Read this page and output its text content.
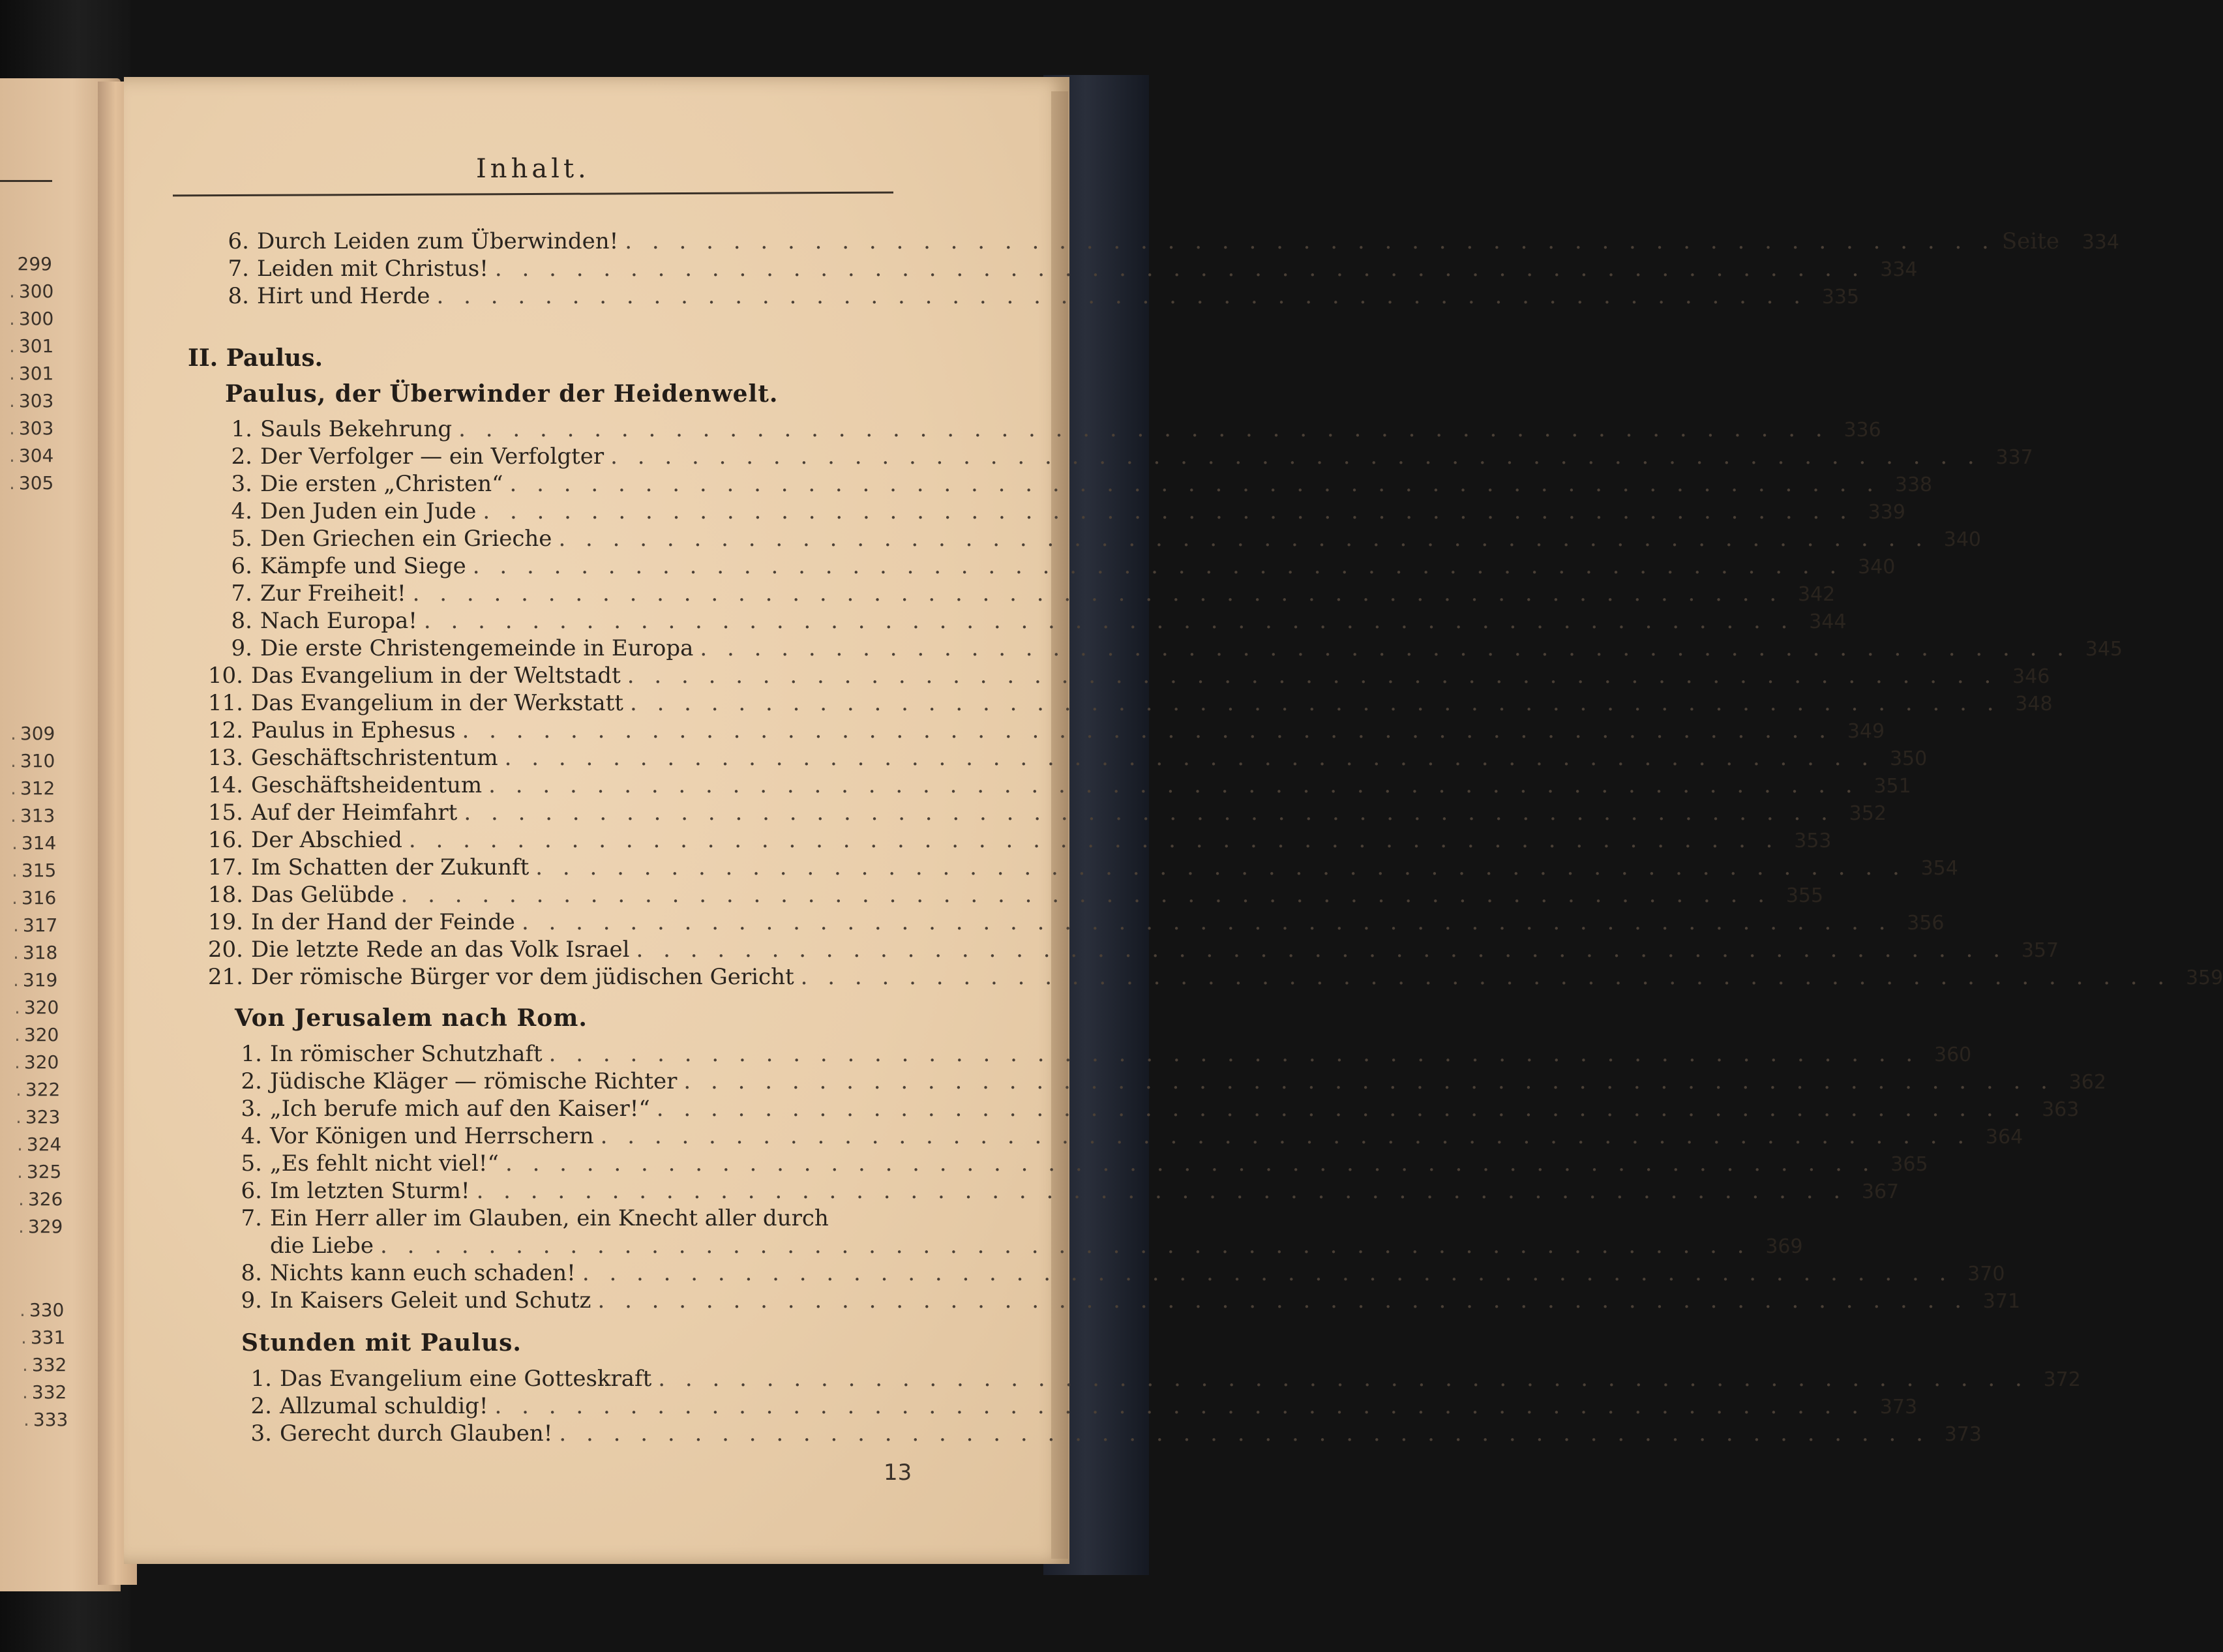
299
. 300
. 300
. 301
. 301
. 303
. 303
. 304
. 305
. 309
. 310
. 312
. 313
. 314
. 315
. 316
. 317
. 318
. 319
. 320
. 320
. 320
. 322
. 323
. 324
. 325
. 326
. 329
. 330
. 331
. 332
. 332
. 333
Inhalt.
6. Durch Leiden zum Überwinden! . . . . . . . . . . . . . . . . . . . . . . . . . . . . . . . . . . . . . . . . . . . . . . . . . . . Seite	334
7. Leiden mit Christus! . . . . . . . . . . . . . . . . . . . . . . . . . . . . . . . . . . . . . . . . . . . . . . . . . . . 334
8. Hirt und Herde . . . . . . . . . . . . . . . . . . . . . . . . . . . . . . . . . . . . . . . . . . . . . . . . . . . 335
II. Paulus.
Paulus, der Überwinder der Heidenwelt.
1. Sauls Bekehrung . . . . . . . . . . . . . . . . . . . . . . . . . . . . . . . . . . . . . . . . . . . . . . . . . . . 336
2. Der Verfolger — ein Verfolgter . . . . . . . . . . . . . . . . . . . . . . . . . . . . . . . . . . . . . . . . . . . . . . . . . . . 337
3. Die ersten „Christen“ . . . . . . . . . . . . . . . . . . . . . . . . . . . . . . . . . . . . . . . . . . . . . . . . . . . 338
4. Den Juden ein Jude . . . . . . . . . . . . . . . . . . . . . . . . . . . . . . . . . . . . . . . . . . . . . . . . . . . 339
5. Den Griechen ein Grieche . . . . . . . . . . . . . . . . . . . . . . . . . . . . . . . . . . . . . . . . . . . . . . . . . . . 340
6. Kämpfe und Siege . . . . . . . . . . . . . . . . . . . . . . . . . . . . . . . . . . . . . . . . . . . . . . . . . . . 340
7. Zur Freiheit! . . . . . . . . . . . . . . . . . . . . . . . . . . . . . . . . . . . . . . . . . . . . . . . . . . . 342
8. Nach Europa! . . . . . . . . . . . . . . . . . . . . . . . . . . . . . . . . . . . . . . . . . . . . . . . . . . . 344
9. Die erste Christengemeinde in Europa . . . . . . . . . . . . . . . . . . . . . . . . . . . . . . . . . . . . . . . . . . . . . . . . . . . 345
10. Das Evangelium in der Weltstadt . . . . . . . . . . . . . . . . . . . . . . . . . . . . . . . . . . . . . . . . . . . . . . . . . . . 346
11. Das Evangelium in der Werkstatt . . . . . . . . . . . . . . . . . . . . . . . . . . . . . . . . . . . . . . . . . . . . . . . . . . . 348
12. Paulus in Ephesus . . . . . . . . . . . . . . . . . . . . . . . . . . . . . . . . . . . . . . . . . . . . . . . . . . . 349
13. Geschäftschristentum . . . . . . . . . . . . . . . . . . . . . . . . . . . . . . . . . . . . . . . . . . . . . . . . . . . 350
14. Geschäftsheidentum . . . . . . . . . . . . . . . . . . . . . . . . . . . . . . . . . . . . . . . . . . . . . . . . . . . 351
15. Auf der Heimfahrt . . . . . . . . . . . . . . . . . . . . . . . . . . . . . . . . . . . . . . . . . . . . . . . . . . . 352
16. Der Abschied . . . . . . . . . . . . . . . . . . . . . . . . . . . . . . . . . . . . . . . . . . . . . . . . . . . 353
17. Im Schatten der Zukunft . . . . . . . . . . . . . . . . . . . . . . . . . . . . . . . . . . . . . . . . . . . . . . . . . . . 354
18. Das Gelübde . . . . . . . . . . . . . . . . . . . . . . . . . . . . . . . . . . . . . . . . . . . . . . . . . . . 355
19. In der Hand der Feinde . . . . . . . . . . . . . . . . . . . . . . . . . . . . . . . . . . . . . . . . . . . . . . . . . . . 356
20. Die letzte Rede an das Volk Israel . . . . . . . . . . . . . . . . . . . . . . . . . . . . . . . . . . . . . . . . . . . . . . . . . . . 357
21. Der römische Bürger vor dem jüdischen Gericht . . . . . . . . . . . . . . . . . . . . . . . . . . . . . . . . . . . . . . . . . . . . . . . . . . . 359
Von Jerusalem nach Rom.
1. In römischer Schutzhaft . . . . . . . . . . . . . . . . . . . . . . . . . . . . . . . . . . . . . . . . . . . . . . . . . . . 360
2. Jüdische Kläger — römische Richter . . . . . . . . . . . . . . . . . . . . . . . . . . . . . . . . . . . . . . . . . . . . . . . . . . . 362
3. „Ich berufe mich auf den Kaiser!“ . . . . . . . . . . . . . . . . . . . . . . . . . . . . . . . . . . . . . . . . . . . . . . . . . . . 363
4. Vor Königen und Herrschern . . . . . . . . . . . . . . . . . . . . . . . . . . . . . . . . . . . . . . . . . . . . . . . . . . . 364
5. „Es fehlt nicht viel!“ . . . . . . . . . . . . . . . . . . . . . . . . . . . . . . . . . . . . . . . . . . . . . . . . . . . 365
6. Im letzten Sturm! . . . . . . . . . . . . . . . . . . . . . . . . . . . . . . . . . . . . . . . . . . . . . . . . . . . 367
7. Ein Herr aller im Glauben, ein Knecht aller durch
die Liebe . . . . . . . . . . . . . . . . . . . . . . . . . . . . . . . . . . . . . . . . . . . . . . . . . . . 369
8. Nichts kann euch schaden! . . . . . . . . . . . . . . . . . . . . . . . . . . . . . . . . . . . . . . . . . . . . . . . . . . . 370
9. In Kaisers Geleit und Schutz . . . . . . . . . . . . . . . . . . . . . . . . . . . . . . . . . . . . . . . . . . . . . . . . . . . 371
Stunden mit Paulus.
1. Das Evangelium eine Gotteskraft . . . . . . . . . . . . . . . . . . . . . . . . . . . . . . . . . . . . . . . . . . . . . . . . . . . 372
2. Allzumal schuldig! . . . . . . . . . . . . . . . . . . . . . . . . . . . . . . . . . . . . . . . . . . . . . . . . . . . 373
3. Gerecht durch Glauben! . . . . . . . . . . . . . . . . . . . . . . . . . . . . . . . . . . . . . . . . . . . . . . . . . . . 373
13
